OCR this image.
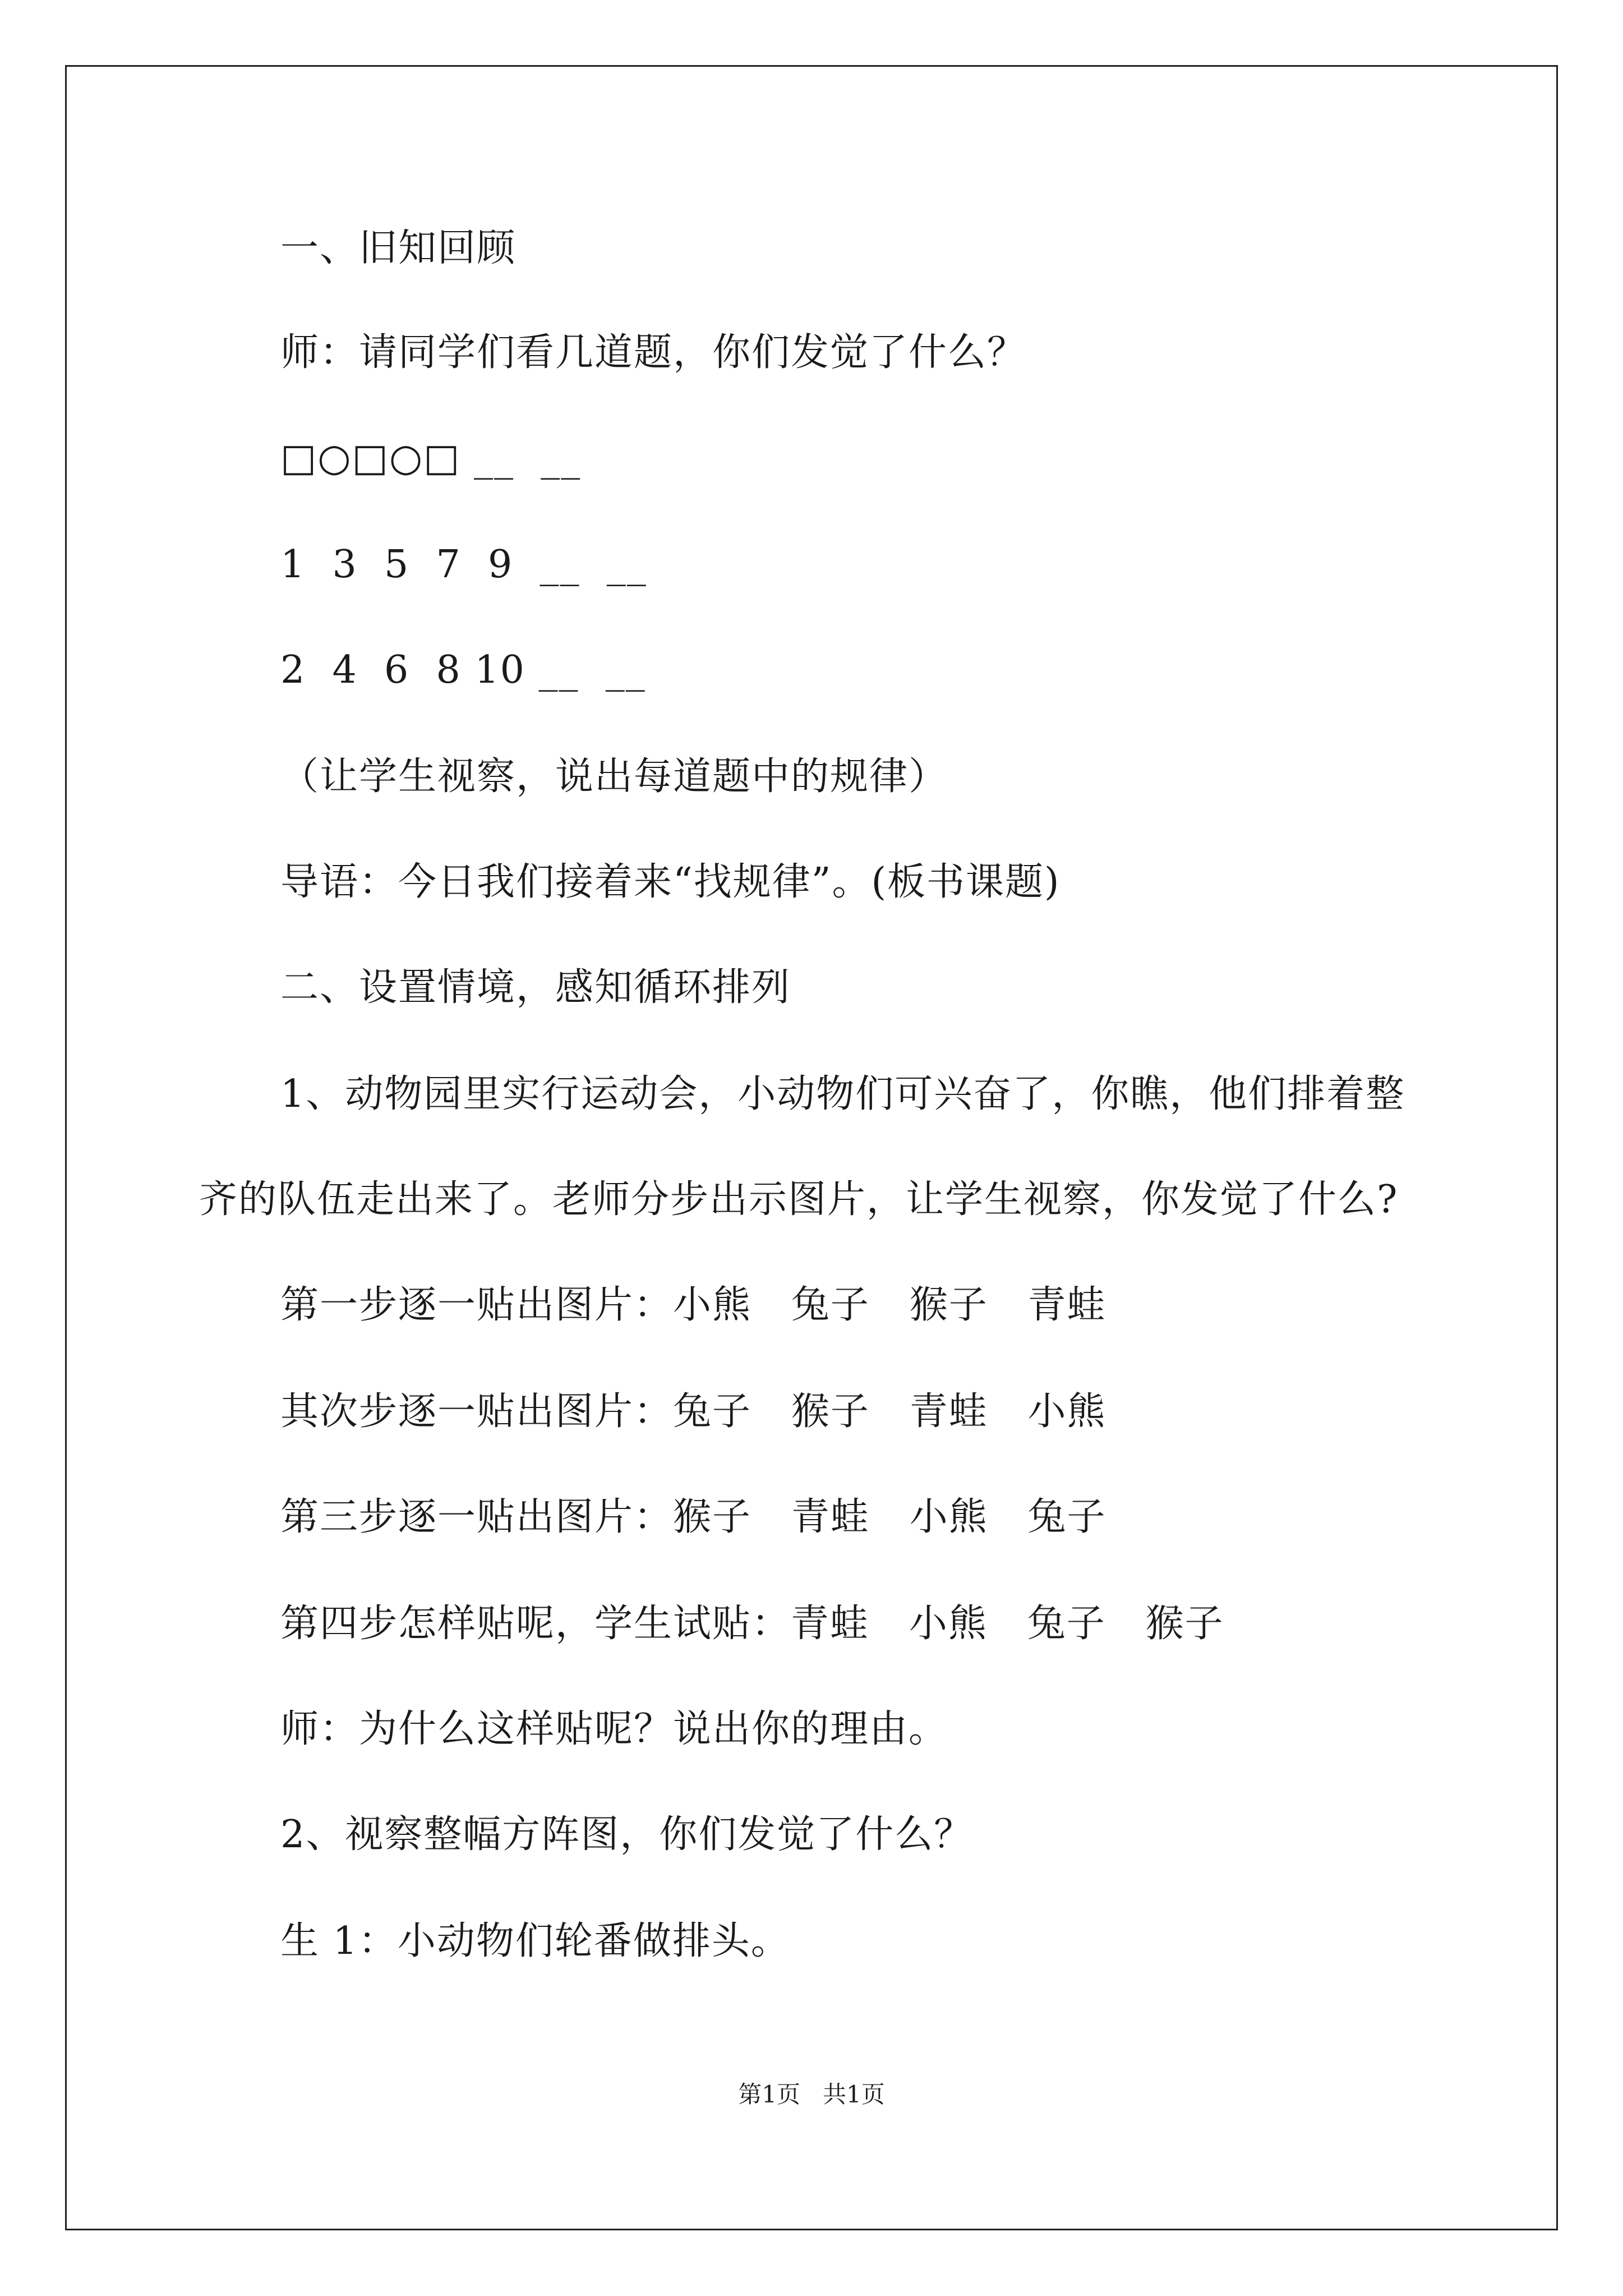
一、旧知回顾
师：请同学们看几道题，你们发觉了什么？
□○□○□ __  __
1  3  5  7  9  __  __
2  4  6  8 10 __  __
（让学生视察，说出每道题中的规律）
导语：今日我们接着来“找规律”。(板书课题)
二、设置情境，感知循环排列
1、动物园里实行运动会，小动物们可兴奋了，你瞧，他们排着整
齐的队伍走出来了。老师分步出示图片，让学生视察，你发觉了什么?
第一步逐一贴出图片：小熊   兔子   猴子   青蛙
其次步逐一贴出图片：兔子   猴子   青蛙   小熊
第三步逐一贴出图片：猴子   青蛙   小熊   兔子
第四步怎样贴呢，学生试贴：青蛙   小熊   兔子   猴子
师：为什么这样贴呢？说出你的理由。
2、视察整幅方阵图，你们发觉了什么？
生 1：小动物们轮番做排头。
第1页   共1页
